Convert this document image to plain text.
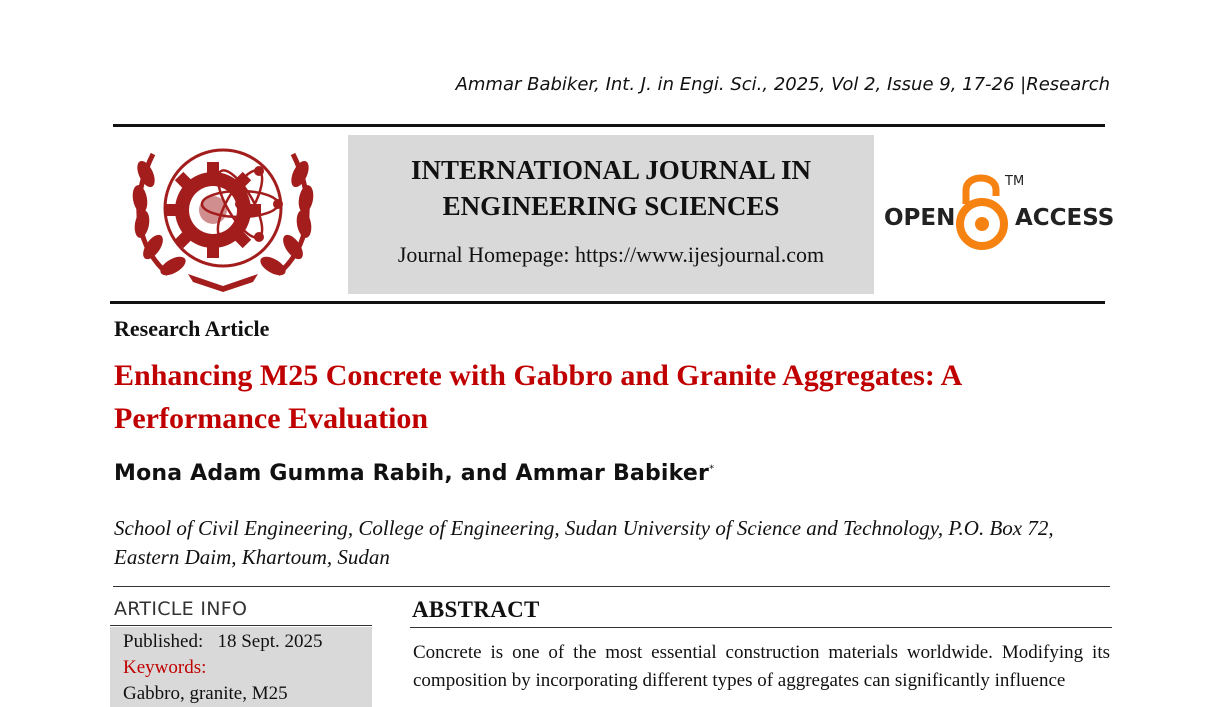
Ammar Babiker, Int. J. in Engi. Sci., 2025, Vol 2, Issue 9, 17-26 |Research
INTERNATIONAL JOURNAL IN ENGINEERING SCIENCES
Journal Homepage: https://www.ijesjournal.com
OPEN
TM
ACCESS
Research Article
Enhancing M25 Concrete with Gabbro and Granite Aggregates: A Performance Evaluation
Mona Adam Gumma Rabih, and Ammar Babiker*
School of Civil Engineering, College of Engineering, Sudan University of Science and Technology, P.O. Box 72, Eastern Daim, Khartoum, Sudan
ARTICLE INFO
Published:   18 Sept. 2025
Keywords:
Gabbro, granite, M25
ABSTRACT
Concrete is one of the most essential construction materials worldwide. Modifying its composition by incorporating different types of aggregates can significantly influence
